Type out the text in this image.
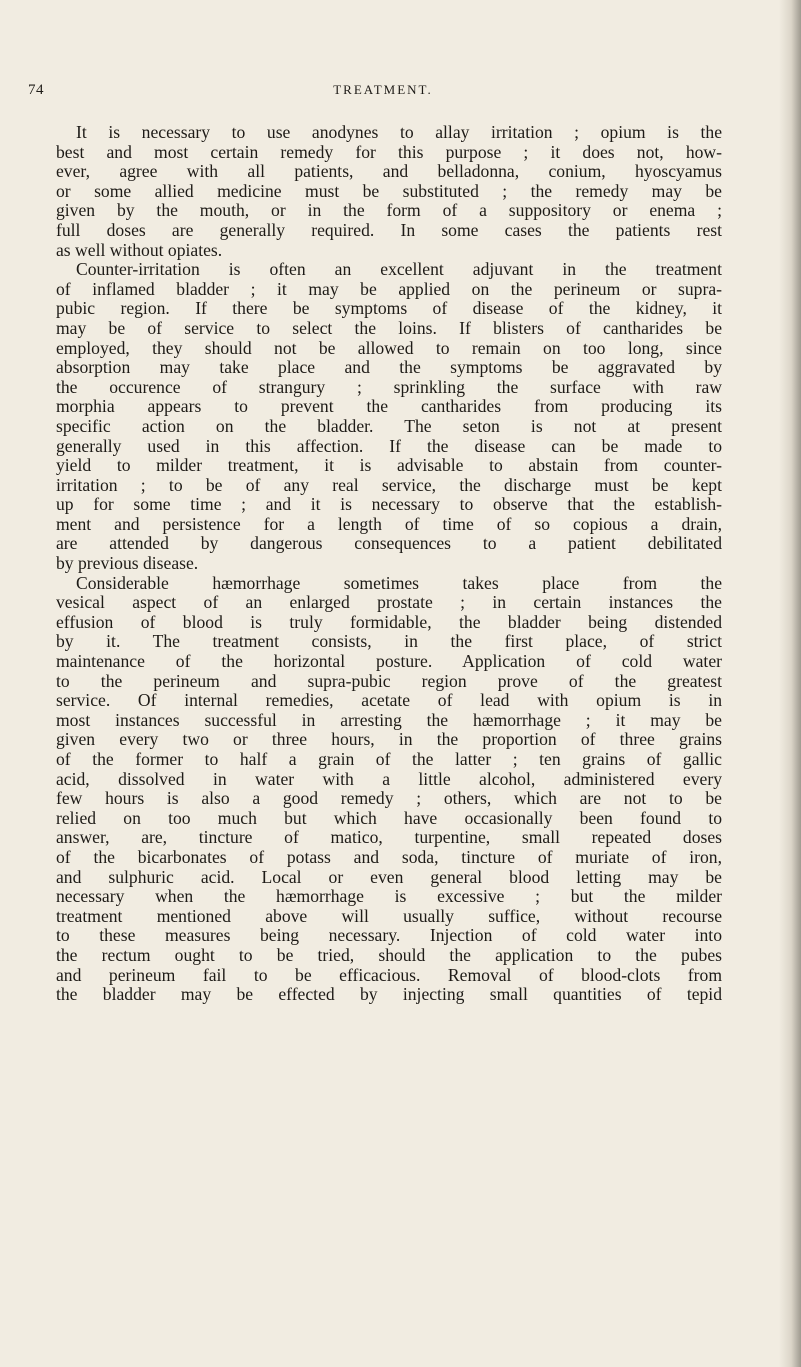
74	TREATMENT.
It is necessary to use anodynes to allay irritation ; opium is the
best and most certain remedy for this purpose ; it does not, how-
ever, agree with all patients, and belladonna, conium, hyoscyamus
or some allied medicine must be substituted ; the remedy may be
given by the mouth, or in the form of a suppository or enema ;
full doses are generally required. In some cases the patients rest
as well without opiates.
Counter-irritation is often an excellent adjuvant in the treatment
of inflamed bladder ; it may be applied on the perineum or supra-
pubic region. If there be symptoms of disease of the kidney, it
may be of service to select the loins. If blisters of cantharides be
employed, they should not be allowed to remain on too long, since
absorption may take place and the symptoms be aggravated by
the occurence of strangury ; sprinkling the surface with raw
morphia appears to prevent the cantharides from producing its
specific action on the bladder. The seton is not at present
generally used in this affection. If the disease can be made to
yield to milder treatment, it is advisable to abstain from counter-
irritation ; to be of any real service, the discharge must be kept
up for some time ; and it is necessary to observe that the establish-
ment and persistence for a length of time of so copious a drain,
are attended by dangerous consequences to a patient debilitated
by previous disease.
Considerable hæmorrhage sometimes takes place from the
vesical aspect of an enlarged prostate ; in certain instances the
effusion of blood is truly formidable, the bladder being distended
by it. The treatment consists, in the first place, of strict
maintenance of the horizontal posture. Application of cold water
to the perineum and supra-pubic region prove of the greatest
service. Of internal remedies, acetate of lead with opium is in
most instances successful in arresting the hæmorrhage ; it may be
given every two or three hours, in the proportion of three grains
of the former to half a grain of the latter ; ten grains of gallic
acid, dissolved in water with a little alcohol, administered every
few hours is also a good remedy ; others, which are not to be
relied on too much but which have occasionally been found to
answer, are, tincture of matico, turpentine, small repeated doses
of the bicarbonates of potass and soda, tincture of muriate of iron,
and sulphuric acid. Local or even general blood letting may be
necessary when the hæmorrhage is excessive ; but the milder
treatment mentioned above will usually suffice, without recourse
to these measures being necessary. Injection of cold water into
the rectum ought to be tried, should the application to the pubes
and perineum fail to be efficacious. Removal of blood-clots from
the bladder may be effected by injecting small quantities of tepid
